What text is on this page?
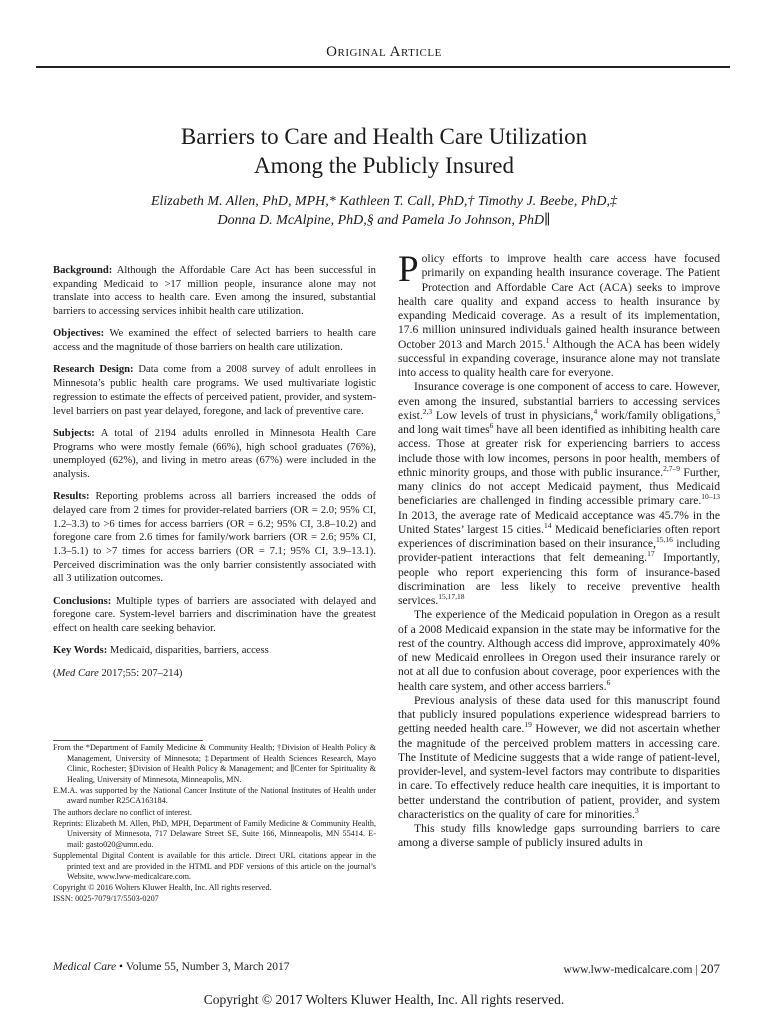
Original Article
Barriers to Care and Health Care Utilization
Among the Publicly Insured
Elizabeth M. Allen, PhD, MPH,* Kathleen T. Call, PhD,† Timothy J. Beebe, PhD,‡
Donna D. McAlpine, PhD,§ and Pamela Jo Johnson, PhD∥

Background: Although the Affordable Care Act has been successful in expanding Medicaid to >17 million people, insurance alone may not translate into access to health care. Even among the insured, substantial barriers to accessing services inhibit health care utilization.

Objectives: We examined the effect of selected barriers to health care access and the magnitude of those barriers on health care utilization.

Research Design: Data come from a 2008 survey of adult enrollees in Minnesota’s public health care programs. We used multivariate logistic regression to estimate the effects of perceived patient, provider, and system-level barriers on past year delayed, foregone, and lack of preventive care.

Subjects: A total of 2194 adults enrolled in Minnesota Health Care Programs who were mostly female (66%), high school graduates (76%), unemployed (62%), and living in metro areas (67%) were included in the analysis.

Results: Reporting problems across all barriers increased the odds of delayed care from 2 times for provider-related barriers (OR = 2.0; 95% CI, 1.2–3.3) to >6 times for access barriers (OR = 6.2; 95% CI, 3.8–10.2) and foregone care from 2.6 times for family/work barriers (OR = 2.6; 95% CI, 1.3–5.1) to >7 times for access barriers (OR = 7.1; 95% CI, 3.9–13.1). Perceived discrimination was the only barrier consistently associated with all 3 utilization outcomes.

Conclusions: Multiple types of barriers are associated with delayed and foregone care. System-level barriers and discrimination have the greatest effect on health care seeking behavior.

Key Words: Medicaid, disparities, barriers, access

(Med Care 2017;55: 207–214)

From the *Department of Family Medicine & Community Health; †Division of Health Policy & Management, University of Minnesota; ‡Department of Health Sciences Research, Mayo Clinic, Rochester; §Division of Health Policy & Management; and ∥Center for Spirituality & Healing, University of Minnesota, Minneapolis, MN.

E.M.A. was supported by the National Cancer Institute of the National Institutes of Health under award number R25CA163184.

The authors declare no conflict of interest.

Reprints: Elizabeth M. Allen, PhD, MPH, Department of Family Medicine & Community Health, University of Minnesota, 717 Delaware Street SE, Suite 166, Minneapolis, MN 55414. E-mail: gasto020@umn.edu.

Supplemental Digital Content is available for this article. Direct URL citations appear in the printed text and are provided in the HTML and PDF versions of this article on the journal’s Website, www.lww-medicalcare.com.

Copyright © 2016 Wolters Kluwer Health, Inc. All rights reserved.

ISSN: 0025-7079/17/5503-0207

Policy efforts to improve health care access have focused primarily on expanding health insurance coverage. The Patient Protection and Affordable Care Act (ACA) seeks to improve health care quality and expand access to health insurance by expanding Medicaid coverage. As a result of its implementation, 17.6 million uninsured individuals gained health insurance between October 2013 and March 2015.$^1$ Although the ACA has been widely successful in expanding coverage, insurance alone may not translate into access to quality health care for everyone.

Insurance coverage is one component of access to care. However, even among the insured, substantial barriers to accessing services exist.$^{2,3}$ Low levels of trust in physicians,$^4$ work/family obligations,$^5$ and long wait times$^6$ have all been identified as inhibiting health care access. Those at greater risk for experiencing barriers to access include those with low incomes, persons in poor health, members of ethnic minority groups, and those with public insurance.$^{2,7-9}$ Further, many clinics do not accept Medicaid payment, thus Medicaid beneficiaries are challenged in finding accessible primary care.$^{10-13}$ In 2013, the average rate of Medicaid acceptance was 45.7% in the United States’ largest 15 cities.$^{14}$ Medicaid beneficiaries often report experiences of discrimination based on their insurance,$^{15,16}$ including provider-patient interactions that felt demeaning.$^{17}$ Importantly, people who report experiencing this form of insurance-based discrimination are less likely to receive preventive health services.$^{15,17,18}$

The experience of the Medicaid population in Oregon as a result of a 2008 Medicaid expansion in the state may be informative for the rest of the country. Although access did improve, approximately 40% of new Medicaid enrollees in Oregon used their insurance rarely or not at all due to confusion about coverage, poor experiences with the health care system, and other access barriers.$^6$

Previous analysis of these data used for this manuscript found that publicly insured populations experience widespread barriers to getting needed health care.$^{19}$ However, we did not ascertain whether the magnitude of the perceived problem matters in accessing care. The Institute of Medicine suggests that a wide range of patient-level, provider-level, and system-level factors may contribute to disparities in care. To effectively reduce health care inequities, it is important to better understand the contribution of patient, provider, and system characteristics on the quality of care for minorities.$^3$

This study fills knowledge gaps surrounding barriers to care among a diverse sample of publicly insured adults in

Medical Care • Volume 55, Number 3, March 2017	www.lww-medicalcare.com | 207
Copyright © 2017 Wolters Kluwer Health, Inc. All rights reserved.
